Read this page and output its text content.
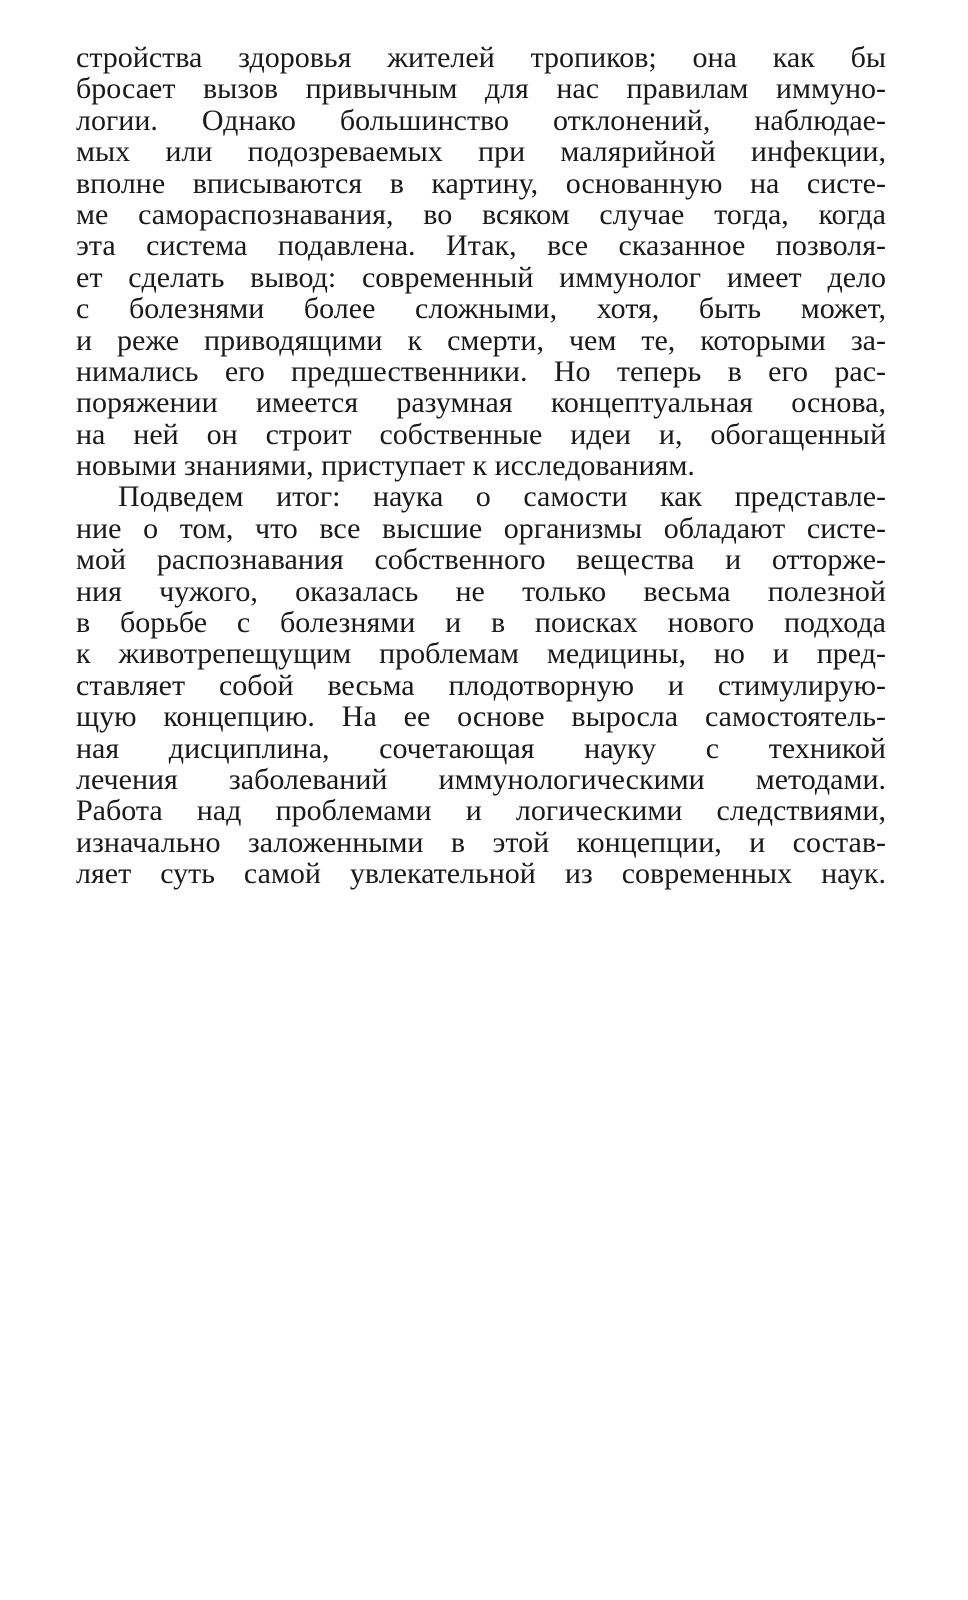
стройства здоровья жителей тропиков; она как бы
бросает вызов привычным для нас правилам иммуно-
логии. Однако большинство отклонений, наблюдае-
мых или подозреваемых при малярийной инфекции,
вполне вписываются в картину, основанную на систе-
ме самораспознавания, во всяком случае тогда, когда
эта система подавлена. Итак, все сказанное позволя-
ет сделать вывод: современный иммунолог имеет дело
с болезнями более сложными, хотя, быть может,
и реже приводящими к смерти, чем те, которыми за-
нимались его предшественники. Но теперь в его рас-
поряжении имеется разумная концептуальная основа,
на ней он строит собственные идеи и, обогащенный
новыми знаниями, приступает к исследованиям.
Подведем итог: наука о самости как представле-
ние о том, что все высшие организмы обладают систе-
мой распознавания собственного вещества и отторже-
ния чужого, оказалась не только весьма полезной
в борьбе с болезнями и в поисках нового подхода
к животрепещущим проблемам медицины, но и пред-
ставляет собой весьма плодотворную и стимулирую-
щую концепцию. На ее основе выросла самостоятель-
ная дисциплина, сочетающая науку с техникой
лечения заболеваний иммунологическими методами.
Работа над проблемами и логическими следствиями,
изначально заложенными в этой концепции, и состав-
ляет суть самой увлекательной из современных наук.
